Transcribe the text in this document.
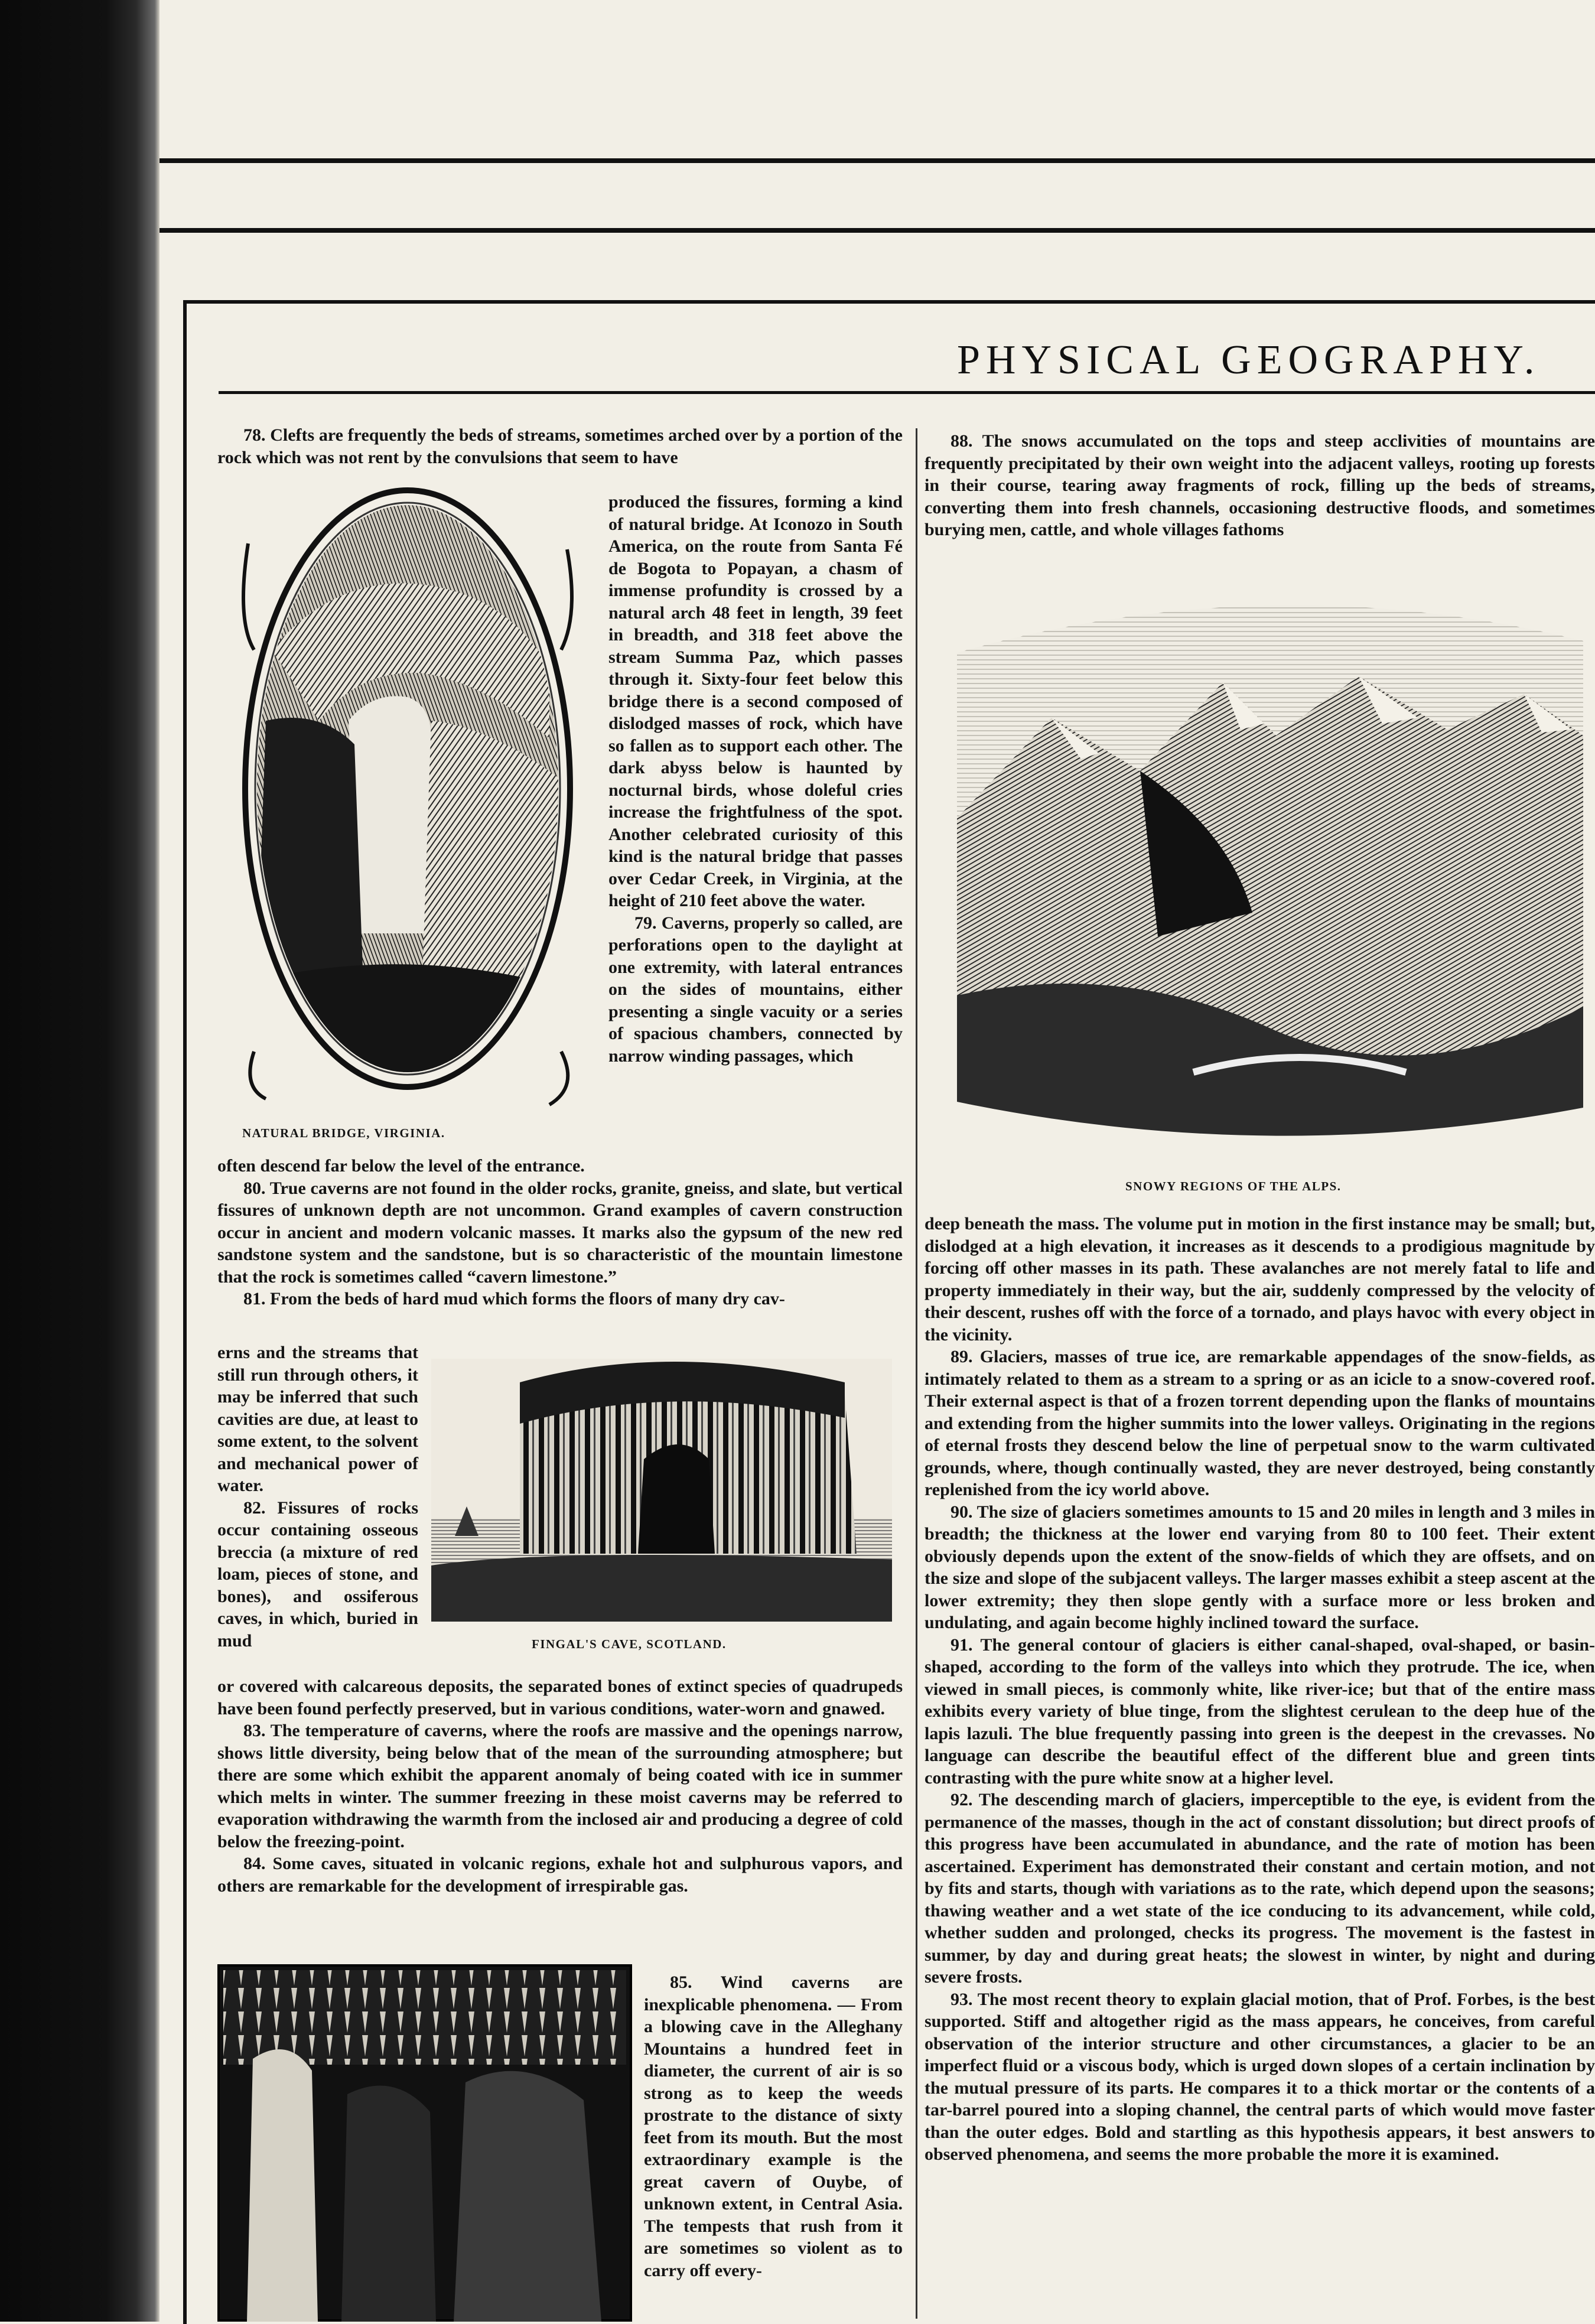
PHYSICAL GEOGRAPHY.

78. Clefts are frequently the beds of streams, sometimes arched over by a portion of the rock which was not rent by the convulsions that seem to have

produced the fissures, forming a kind of natural bridge. At Iconozo in South America, on the route from Santa Fé de Bogota to Popayan, a chasm of immense profundity is crossed by a natural arch 48 feet in length, 39 feet in breadth, and 318 feet above the stream Summa Paz, which passes through it. Sixty-four feet below this bridge there is a second composed of dislodged masses of rock, which have so fallen as to support each other. The dark abyss below is haunted by nocturnal birds, whose doleful cries increase the frightfulness of the spot. Another celebrated curiosity of this kind is the natural bridge that passes over Cedar Creek, in Virginia, at the height of 210 feet above the water.

79. Caverns, properly so called, are perforations open to the daylight at one extremity, with lateral entrances on the sides of mountains, either presenting a single vacuity or a series of spacious chambers, connected by narrow winding passages, which

NATURAL BRIDGE, VIRGINIA.

often descend far below the level of the entrance.

80. True caverns are not found in the older rocks, granite, gneiss, and slate, but vertical fissures of unknown depth are not uncommon. Grand examples of cavern construction occur in ancient and modern volcanic masses. It marks also the gypsum of the new red sandstone system and the sandstone, but is so characteristic of the mountain limestone that the rock is sometimes called “cavern limestone.”

81. From the beds of hard mud which forms the floors of many dry cav-

erns and the streams that still run through others, it may be inferred that such cavities are due, at least to some extent, to the solvent and mechanical power of water.

82. Fissures of rocks occur containing osseous breccia (a mixture of red loam, pieces of stone, and bones), and ossiferous caves, in which, buried in mud	FINGAL'S CAVE, SCOTLAND.

or covered with calcareous deposits, the separated bones of extinct species of quadrupeds have been found perfectly preserved, but in various conditions, water-worn and gnawed.

83. The temperature of caverns, where the roofs are massive and the openings narrow, shows little diversity, being below that of the mean of the surrounding atmosphere; but there are some which exhibit the apparent anomaly of being coated with ice in summer which melts in winter. The summer freezing in these moist caverns may be referred to evaporation withdrawing the warmth from the inclosed air and producing a degree of cold below the freezing-point.

84. Some caves, situated in volcanic regions, exhale hot and sulphurous vapors, and others are remarkable for the development of irrespirable gas.

85. Wind caverns are inexplicable phenomena. — From a blowing cave in the Alleghany Mountains a hundred feet in diameter, the current of air is so strong as to keep the weeds prostrate to the distance of sixty feet from its mouth. But the most extraordinary example is the great cavern of Ouybe, of unknown extent, in Central Asia. The tempests that rush from it are sometimes so violent as to carry off every-

88. The snows accumulated on the tops and steep acclivities of mountains are frequently precipitated by their own weight into the adjacent valleys, rooting up forests in their course, tearing away fragments of rock, filling up the beds of streams, converting them into fresh channels, occasioning destructive floods, and sometimes burying men, cattle, and whole villages fathoms

SNOWY REGIONS OF THE ALPS.

deep beneath the mass. The volume put in motion in the first instance may be small; but, dislodged at a high elevation, it increases as it descends to a prodigious magnitude by forcing off other masses in its path. These avalanches are not merely fatal to life and property immediately in their way, but the air, suddenly compressed by the velocity of their descent, rushes off with the force of a tornado, and plays havoc with every object in the vicinity.

89. Glaciers, masses of true ice, are remarkable appendages of the snow-fields, as intimately related to them as a stream to a spring or as an icicle to a snow-covered roof. Their external aspect is that of a frozen torrent depending upon the flanks of mountains and extending from the higher summits into the lower valleys. Originating in the regions of eternal frosts they descend below the line of perpetual snow to the warm cultivated grounds, where, though continually wasted, they are never destroyed, being constantly replenished from the icy world above.

90. The size of glaciers sometimes amounts to 15 and 20 miles in length and 3 miles in breadth; the thickness at the lower end varying from 80 to 100 feet. Their extent obviously depends upon the extent of the snow-fields of which they are offsets, and on the size and slope of the subjacent valleys. The larger masses exhibit a steep ascent at the lower extremity; they then slope gently with a surface more or less broken and undulating, and again become highly inclined toward the surface.

91. The general contour of glaciers is either canal-shaped, oval-shaped, or basin-shaped, according to the form of the valleys into which they protrude. The ice, when viewed in small pieces, is commonly white, like river-ice; but that of the entire mass exhibits every variety of blue tinge, from the slightest cerulean to the deep hue of the lapis lazuli. The blue frequently passing into green is the deepest in the crevasses. No language can describe the beautiful effect of the different blue and green tints contrasting with the pure white snow at a higher level.

92. The descending march of glaciers, imperceptible to the eye, is evident from the permanence of the masses, though in the act of constant dissolution; but direct proofs of this progress have been accumulated in abundance, and the rate of motion has been ascertained. Experiment has demonstrated their constant and certain motion, and not by fits and starts, though with variations as to the rate, which depend upon the seasons; thawing weather and a wet state of the ice conducing to its advancement, while cold, whether sudden and prolonged, checks its progress. The movement is the fastest in summer, by day and during great heats; the slowest in winter, by night and during severe frosts.

93. The most recent theory to explain glacial motion, that of Prof. Forbes, is the best supported. Stiff and altogether rigid as the mass appears, he conceives, from careful observation of the interior structure and other circumstances, a glacier to be an imperfect fluid or a viscous body, which is urged down slopes of a certain inclination by the mutual pressure of its parts. He compares it to a thick mortar or the contents of a tar-barrel poured into a sloping channel, the central parts of which would move faster than the outer edges. Bold and startling as this hypothesis appears, it best answers to observed phenomena, and seems the more probable the more it is examined.
